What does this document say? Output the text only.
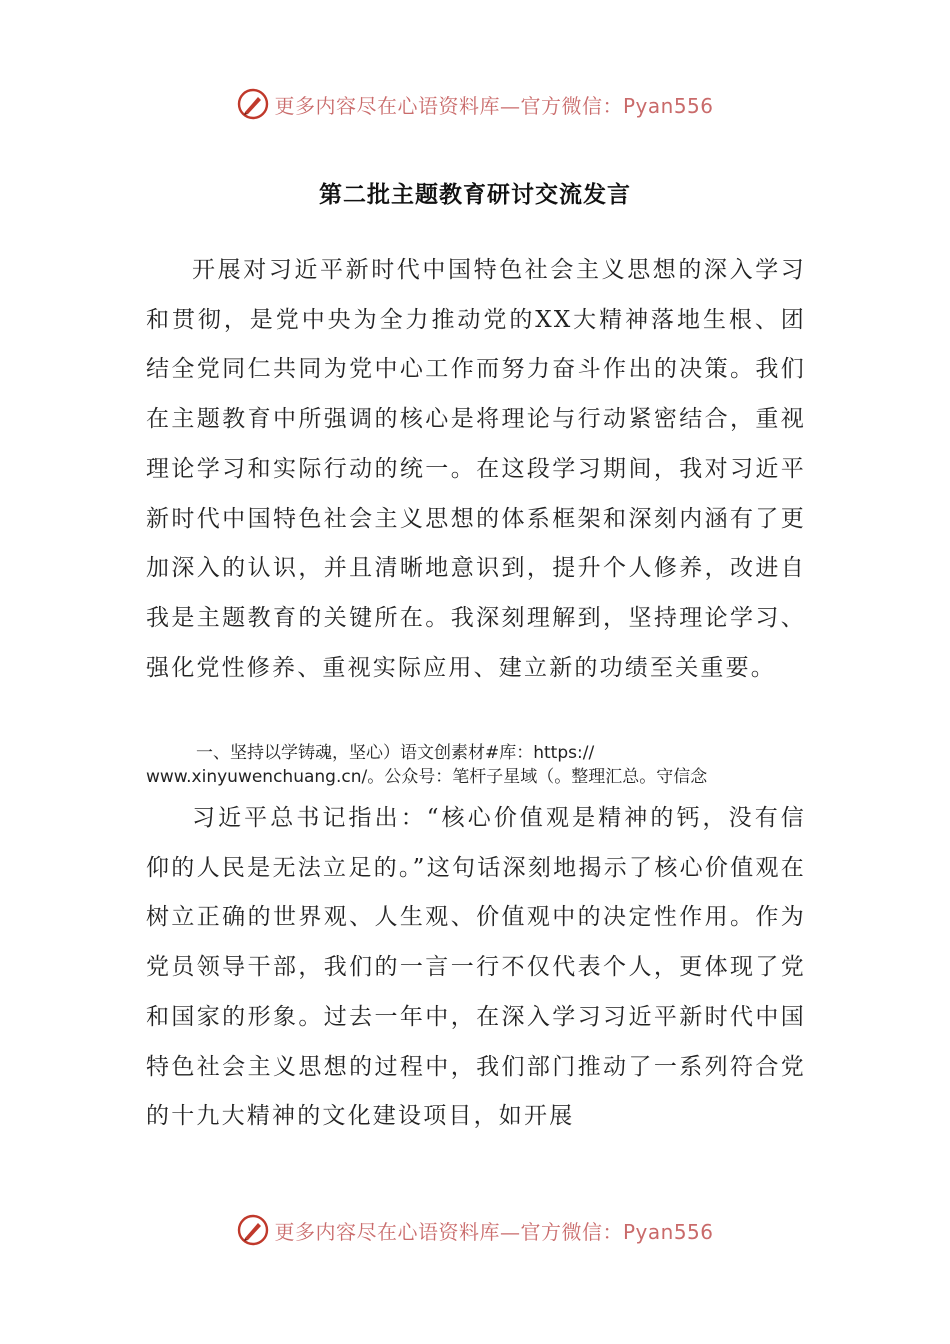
更多内容尽在心语资料库—官方微信：Pyan556
第二批主题教育研讨交流发言

开展对习近平新时代中国特色社会主义思想的深入学习和贯彻，是党中央为全力推动党的XX大精神落地生根、团结全党同仁共同为党中心工作而努力奋斗作出的决策。我们在主题教育中所强调的核心是将理论与行动紧密结合，重视理论学习和实际行动的统一。在这段学习期间，我对习近平新时代中国特色社会主义思想的体系框架和深刻内涵有了更加深入的认识，并且清晰地意识到，提升个人修养，改进自我是主题教育的关键所在。我深刻理解到，坚持理论学习、强化党性修养、重视实际应用、建立新的功绩至关重要。

一、坚持以学铸魂，坚心）语文创素材#库：https://
www.xinyuwenchuang.cn/。公众号：笔杆子星域（。整理汇总。守信念

习近平总书记指出：“核心价值观是精神的钙，没有信仰的人民是无法立足的。”这句话深刻地揭示了核心价值观在树立正确的世界观、人生观、价值观中的决定性作用。作为党员领导干部，我们的一言一行不仅代表个人，更体现了党和国家的形象。过去一年中，在深入学习习近平新时代中国特色社会主义思想的过程中，我们部门推动了一系列符合党的十九大精神的文化建设项目，如开展

更多内容尽在心语资料库—官方微信：Pyan556
